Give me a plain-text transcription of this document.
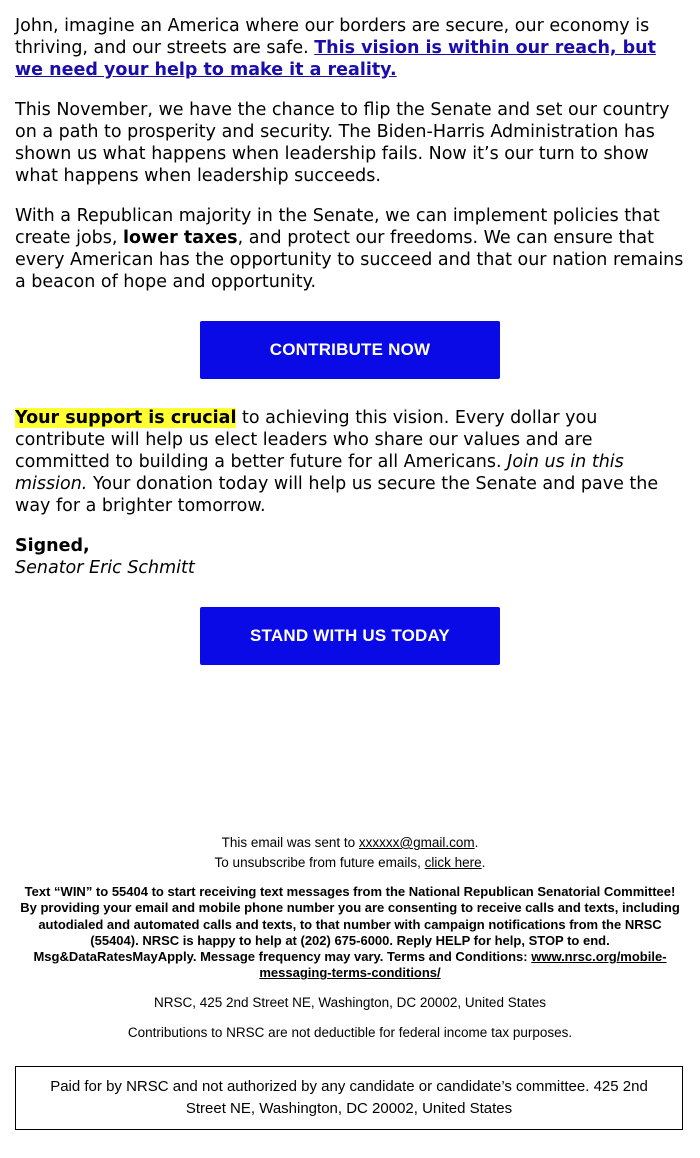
John, imagine an America where our borders are secure, our economy is thriving, and our streets are safe. This vision is within our reach, but we need your help to make it a reality.

This November, we have the chance to flip the Senate and set our country on a path to prosperity and security. The Biden-Harris Administration has shown us what happens when leadership fails. Now it’s our turn to show what happens when leadership succeeds.

With a Republican majority in the Senate, we can implement policies that create jobs, lower taxes, and protect our freedoms. We can ensure that every American has the opportunity to succeed and that our nation remains a beacon of hope and opportunity.

CONTRIBUTE NOW

Your support is crucial to achieving this vision. Every dollar you contribute will help us elect leaders who share our values and are committed to building a better future for all Americans. Join us in this mission. Your donation today will help us secure the Senate and pave the way for a brighter tomorrow.

Signed,
Senator Eric Schmitt
STAND WITH US TODAY
This email was sent to xxxxxx@gmail.com.
To unsubscribe from future emails, click here.
Text “WIN” to 55404 to start receiving text messages from the National Republican Senatorial Committee! By providing your email and mobile phone number you are consenting to receive calls and texts, including autodialed and automated calls and texts, to that number with campaign notifications from the NRSC (55404). NRSC is happy to help at (202) 675-6000. Reply HELP for help, STOP to end. Msg&DataRatesMayApply. Message frequency may vary. Terms and Conditions: www.nrsc.org/mobile-messaging-terms-conditions/
NRSC, 425 2nd Street NE, Washington, DC 20002, United States
Contributions to NRSC are not deductible for federal income tax purposes.
Paid for by NRSC and not authorized by any candidate or candidate’s committee. 425 2nd Street NE, Washington, DC 20002, United States
